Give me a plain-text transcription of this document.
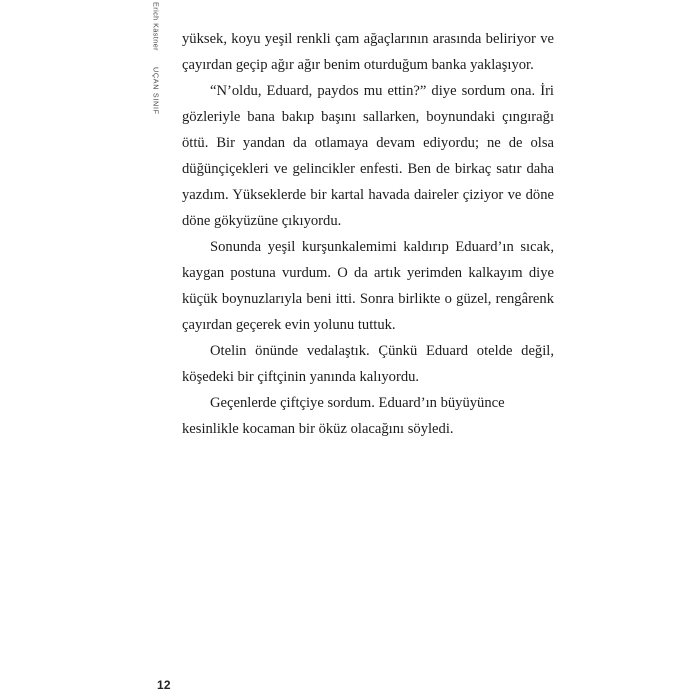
Erich KästnerUÇAN SINIF

yüksek, koyu yeşil renkli çam ağaçlarının arasında beliriyor ve çayırdan geçip ağır ağır benim oturduğum banka yaklaşıyor.

“N’oldu, Eduard, paydos mu ettin?” diye sordum ona. İri gözleriyle bana bakıp başını sallarken, boynundaki çıngırağı öttü. Bir yandan da otlamaya devam ediyordu; ne de olsa düğünçiçekleri ve gelincikler enfesti. Ben de birkaç satır daha yazdım. Yükseklerde bir kartal havada daireler çiziyor ve döne döne gökyüzüne çıkıyordu.

Sonunda yeşil kurşunkalemimi kaldırıp Eduard’ın sıcak, kaygan postuna vurdum. O da artık yerimden kalkayım diye küçük boynuzlarıyla beni itti. Sonra birlikte o güzel, rengârenk çayırdan geçerek evin yolunu tuttuk.

Otelin önünde vedalaştık. Çünkü Eduard otelde değil, köşedeki bir çiftçinin yanında kalıyordu.

Geçenlerde çiftçiye sordum. Eduard’ın büyüyünce kesinlikle kocaman bir öküz olacağını söyledi.

12
